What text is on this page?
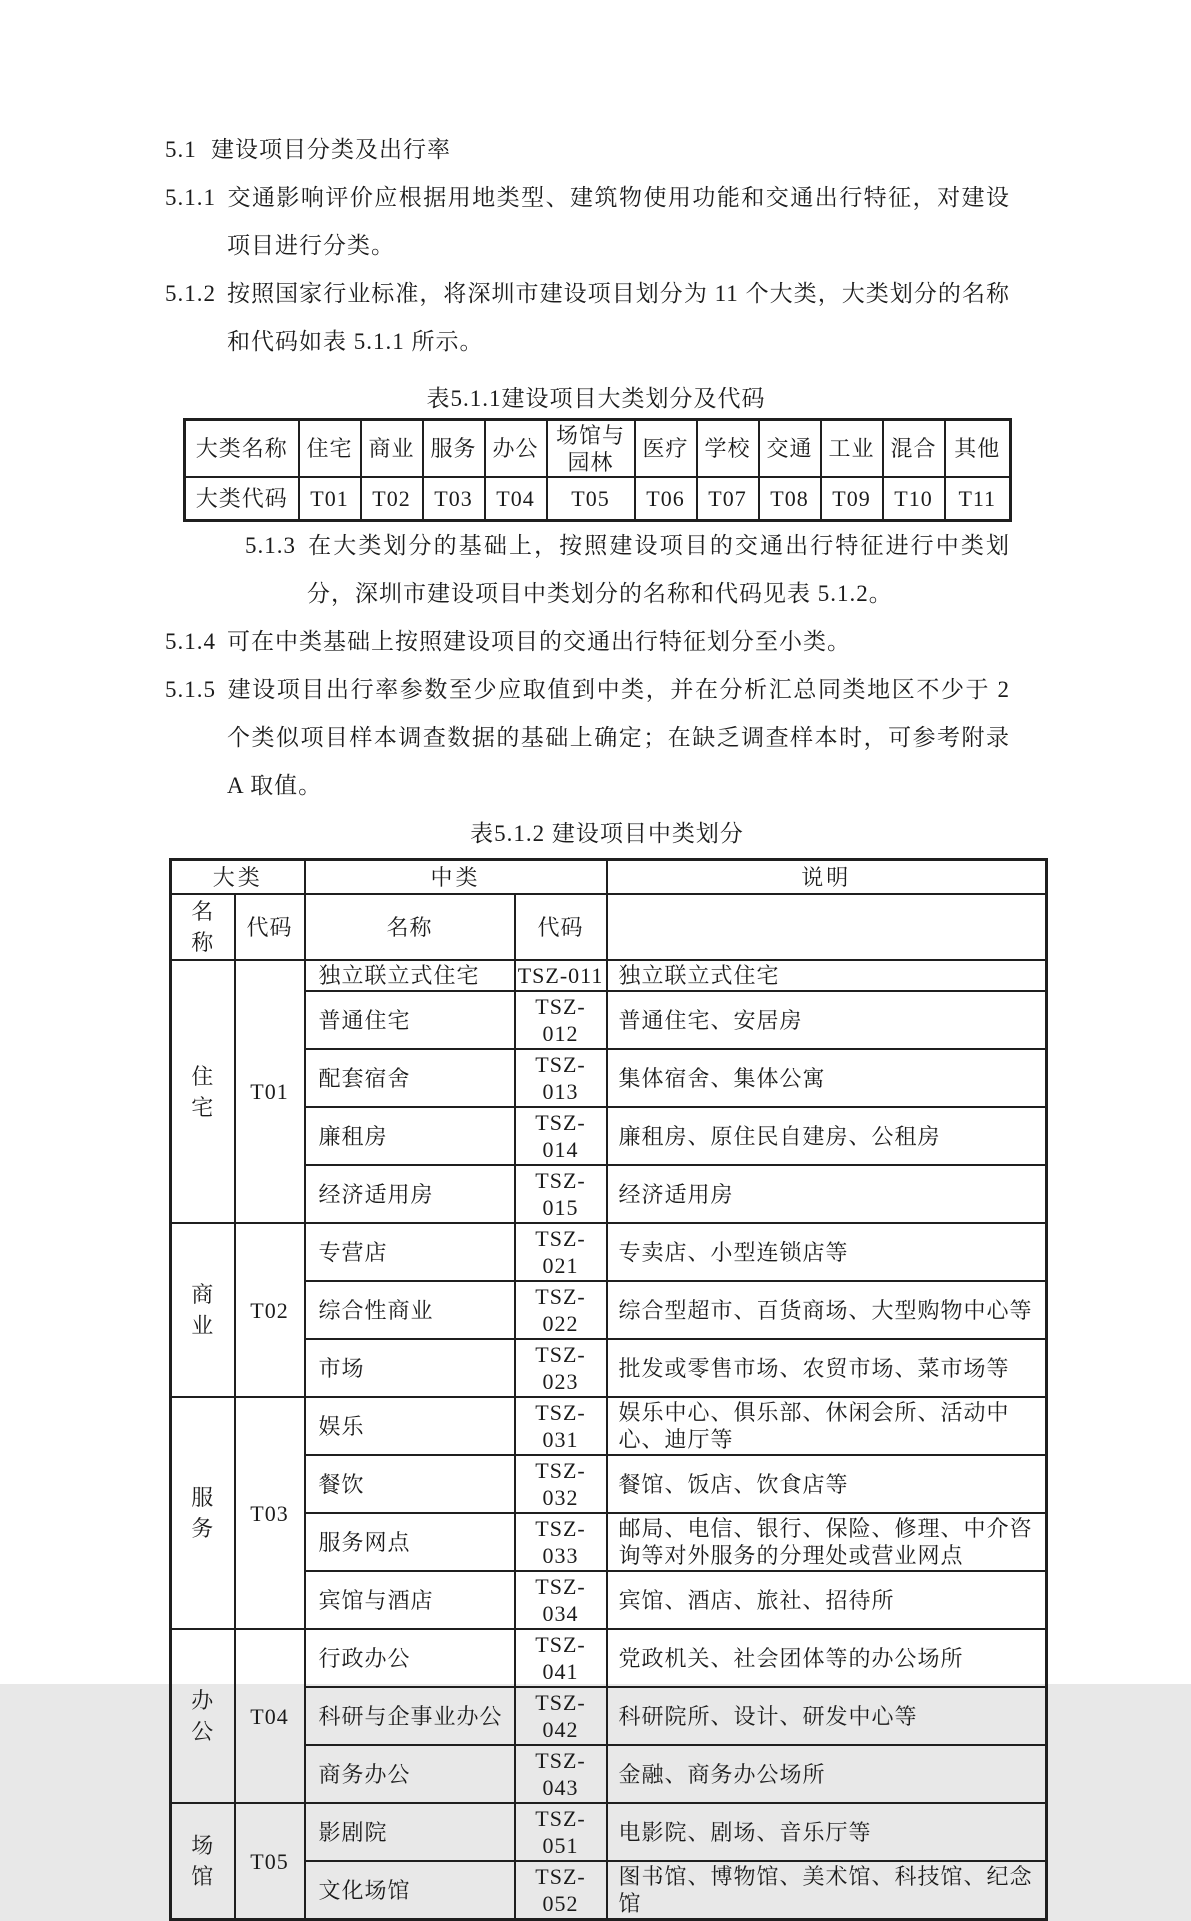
5.1 建设项目分类及出行率

5.1.1 交通影响评价应根据用地类型、建筑物使用功能和交通出行特征，对建设项目进行分类。

5.1.2 按照国家行业标准，将深圳市建设项目划分为 11 个大类，大类划分的名称和代码如表 5.1.1 所示。

表5.1.1建设项目大类划分及代码
大类名称	住宅	商业	服务	办公	场馆与园林	医疗	学校	交通	工业	混合	其他
大类代码	T01	T02	T03	T04	T05	T06	T07	T08	T09	T10	T11

5.1.3 在大类划分的基础上，按照建设项目的交通出行特征进行中类划分，深圳市建设项目中类划分的名称和代码见表 5.1.2。

5.1.4 可在中类基础上按照建设项目的交通出行特征划分至小类。

5.1.5 建设项目出行率参数至少应取值到中类，并在分析汇总同类地区不少于 2 个类似项目样本调查数据的基础上确定；在缺乏调查样本时，可参考附录 A 取值。

表5.1.2 建设项目中类划分
大类		中类		说明
名称	代码	名称	代码	
住宅	T01	独立联立式住宅	TSZ-011	独立联立式住宅
		普通住宅	TSZ-012	普通住宅、安居房
		配套宿舍	TSZ-013	集体宿舍、集体公寓
		廉租房	TSZ-014	廉租房、原住民自建房、公租房
		经济适用房	TSZ-015	经济适用房
商业	T02	专营店	TSZ-021	专卖店、小型连锁店等
		综合性商业	TSZ-022	综合型超市、百货商场、大型购物中心等
		市场	TSZ-023	批发或零售市场、农贸市场、菜市场等
服务	T03	娱乐	TSZ-031	娱乐中心、俱乐部、休闲会所、活动中心、迪厅等
		餐饮	TSZ-032	餐馆、饭店、饮食店等
		服务网点	TSZ-033	邮局、电信、银行、保险、修理、中介咨询等对外服务的分理处或营业网点
		宾馆与酒店	TSZ-034	宾馆、酒店、旅社、招待所
办公	T04	行政办公	TSZ-041	党政机关、社会团体等的办公场所
		科研与企事业办公	TSZ-042	科研院所、设计、研发中心等
		商务办公	TSZ-043	金融、商务办公场所
场馆	T05	影剧院	TSZ-051	电影院、剧场、音乐厅等
		文化场馆	TSZ-052	图书馆、博物馆、美术馆、科技馆、纪念馆
